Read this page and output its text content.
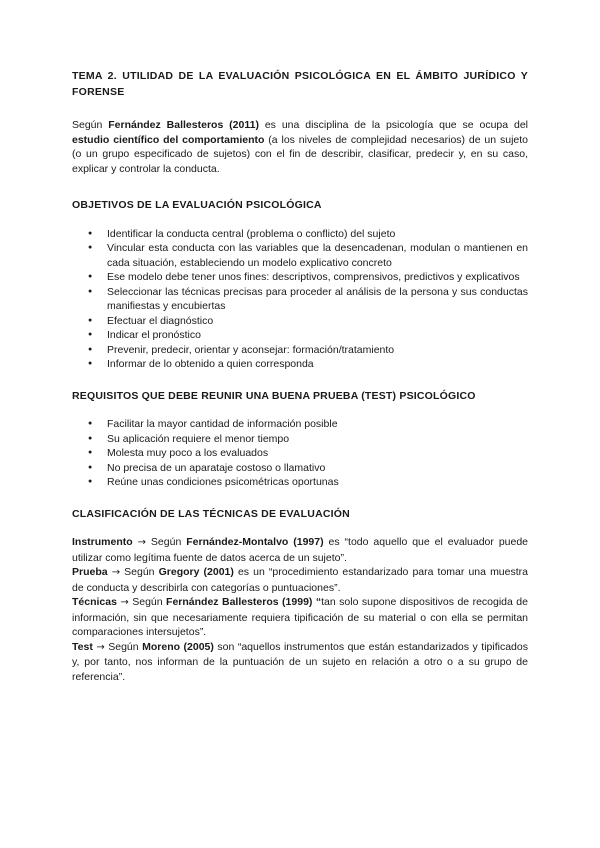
TEMA 2. UTILIDAD DE LA EVALUACIÓN PSICOLÓGICA EN EL ÁMBITO JURÍDICO Y FORENSE

Según Fernández Ballesteros (2011) es una disciplina de la psicología que se ocupa del estudio científico del comportamiento (a los niveles de complejidad necesarios) de un sujeto (o un grupo especificado de sujetos) con el fin de describir, clasificar, predecir y, en su caso, explicar y controlar la conducta.

OBJETIVOS DE LA EVALUACIÓN PSICOLÓGICA
● Identificar la conducta central (problema o conflicto) del sujeto
● Vincular esta conducta con las variables que la desencadenan, modulan o mantienen en cada situación, estableciendo un modelo explicativo concreto
● Ese modelo debe tener unos fines: descriptivos, comprensivos, predictivos y explicativos
● Seleccionar las técnicas precisas para proceder al análisis de la persona y sus conductas manifiestas y encubiertas
● Efectuar el diagnóstico
● Indicar el pronóstico
● Prevenir, predecir, orientar y aconsejar: formación/tratamiento
● Informar de lo obtenido a quien corresponda
REQUISITOS QUE DEBE REUNIR UNA BUENA PRUEBA (TEST) PSICOLÓGICO
● Facilitar la mayor cantidad de información posible
● Su aplicación requiere el menor tiempo
● Molesta muy poco a los evaluados
● No precisa de un aparataje costoso o llamativo
● Reúne unas condiciones psicométricas oportunas
CLASIFICACIÓN DE LAS TÉCNICAS DE EVALUACIÓN

Instrumento → Según Fernández-Montalvo (1997) es “todo aquello que el evaluador puede utilizar como legítima fuente de datos acerca de un sujeto”.

Prueba → Según Gregory (2001) es un “procedimiento estandarizado para tomar una muestra de conducta y describirla con categorías o puntuaciones”.

Técnicas → Según Fernández Ballesteros (1999) “tan solo supone dispositivos de recogida de información, sin que necesariamente requiera tipificación de su material o con ella se permitan comparaciones intersujetos”.

Test → Según Moreno (2005) son “aquellos instrumentos que están estandarizados y tipificados y, por tanto, nos informan de la puntuación de un sujeto en relación a otro o a su grupo de referencia”.
